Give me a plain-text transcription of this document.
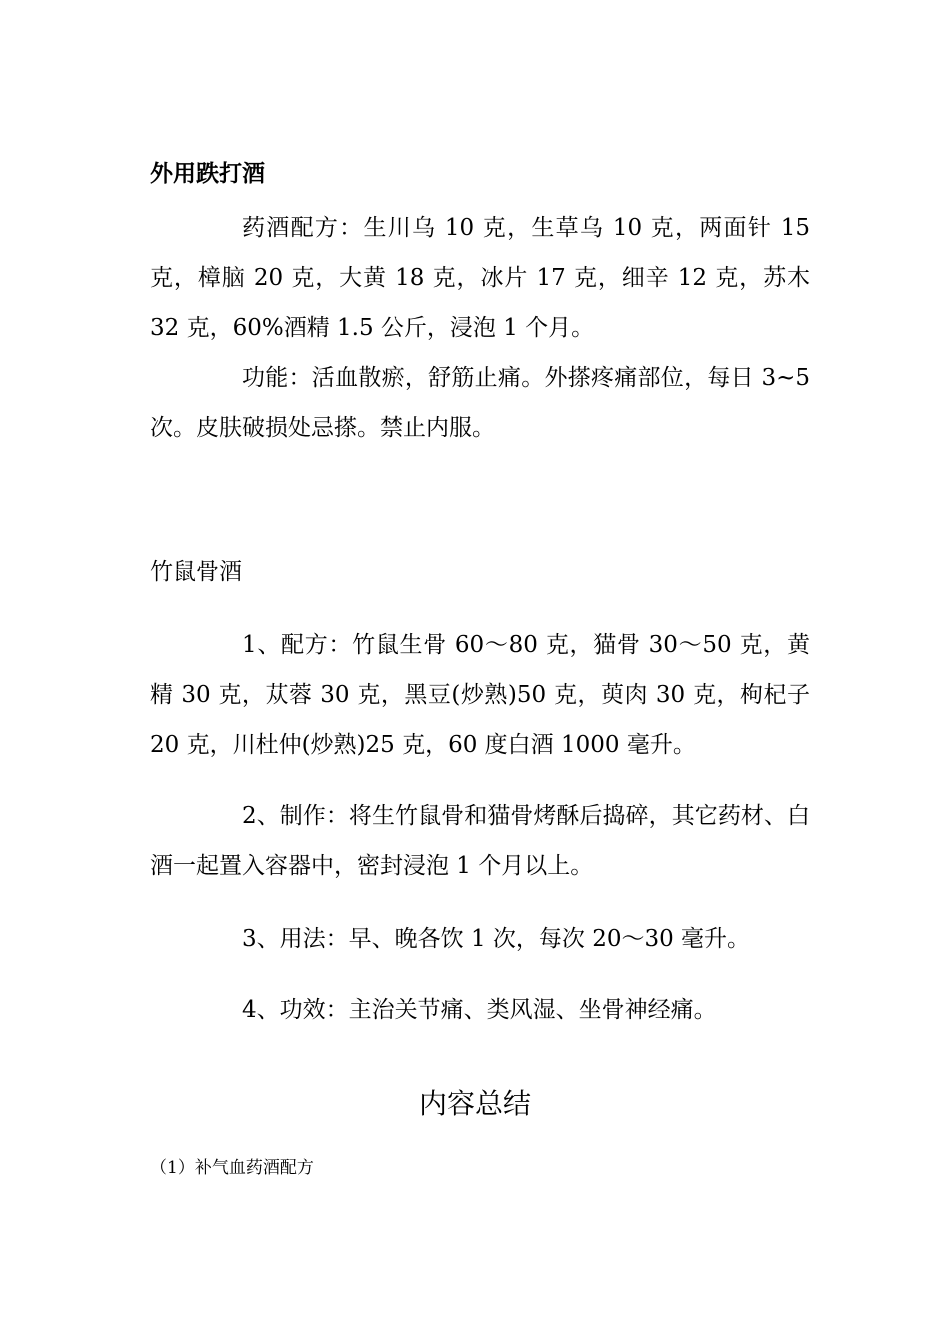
外用跌打酒
药酒配方：生川乌 10 克，生草乌 10 克，两面针 15 克，樟脑 20 克，大黄 18 克，冰片 17 克，细辛 12 克，苏木 32 克，60%酒精 1.5 公斤，浸泡 1 个月。
功能：活血散瘀，舒筋止痛。外搽疼痛部位，每日 3~5 次。皮肤破损处忌搽。禁止内服。
竹鼠骨酒
1、配方：竹鼠生骨 60～80 克，猫骨 30～50 克，黄精 30 克，苁蓉 30 克，黑豆(炒熟)50 克，萸肉 30 克，枸杞子 20 克，川杜仲(炒熟)25 克，60 度白酒 1000 毫升。
2、制作：将生竹鼠骨和猫骨烤酥后捣碎，其它药材、白酒一起置入容器中，密封浸泡 1 个月以上。
3、用法：早、晚各饮 1 次，每次 20～30 毫升。
4、功效：主治关节痛、类风湿、坐骨神经痛。
内容总结
（1）补气血药酒配方
